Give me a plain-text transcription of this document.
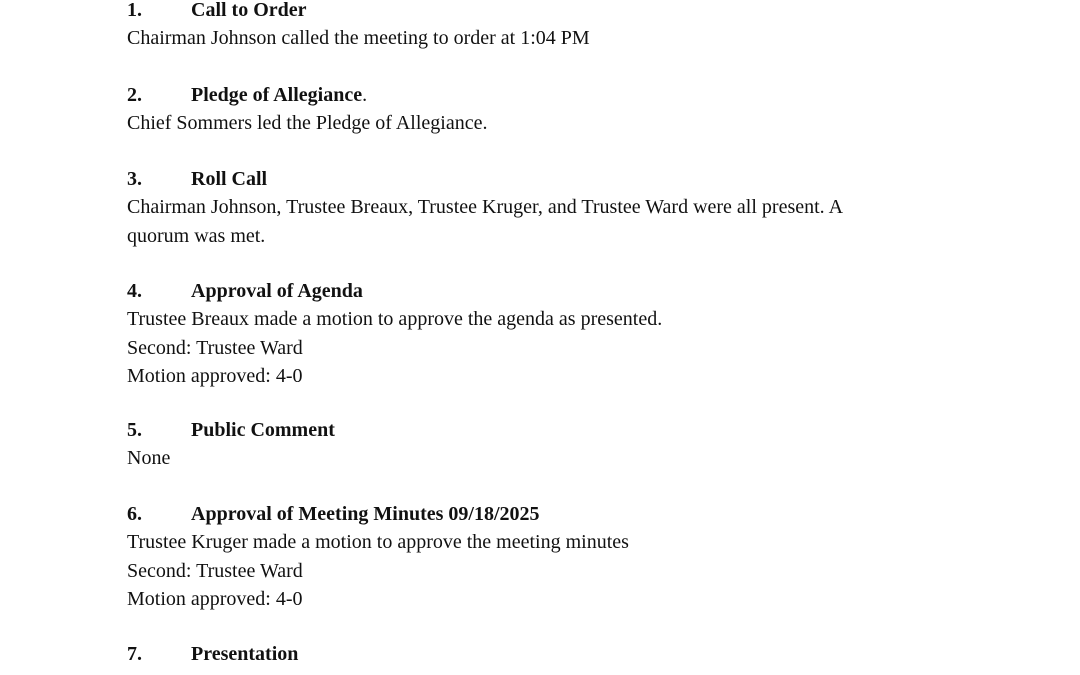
1. Call to Order
Chairman Johnson called the meeting to order at 1:04 PM
2. Pledge of Allegiance.
Chief Sommers led the Pledge of Allegiance.
3. Roll Call
Chairman Johnson, Trustee Breaux, Trustee Kruger, and Trustee Ward were all present. A
quorum was met.
4. Approval of Agenda
Trustee Breaux made a motion to approve the agenda as presented.
Second: Trustee Ward
Motion approved: 4-0
5. Public Comment
None
6. Approval of Meeting Minutes 09/18/2025
Trustee Kruger made a motion to approve the meeting minutes
Second: Trustee Ward
Motion approved: 4-0
7. Presentation
